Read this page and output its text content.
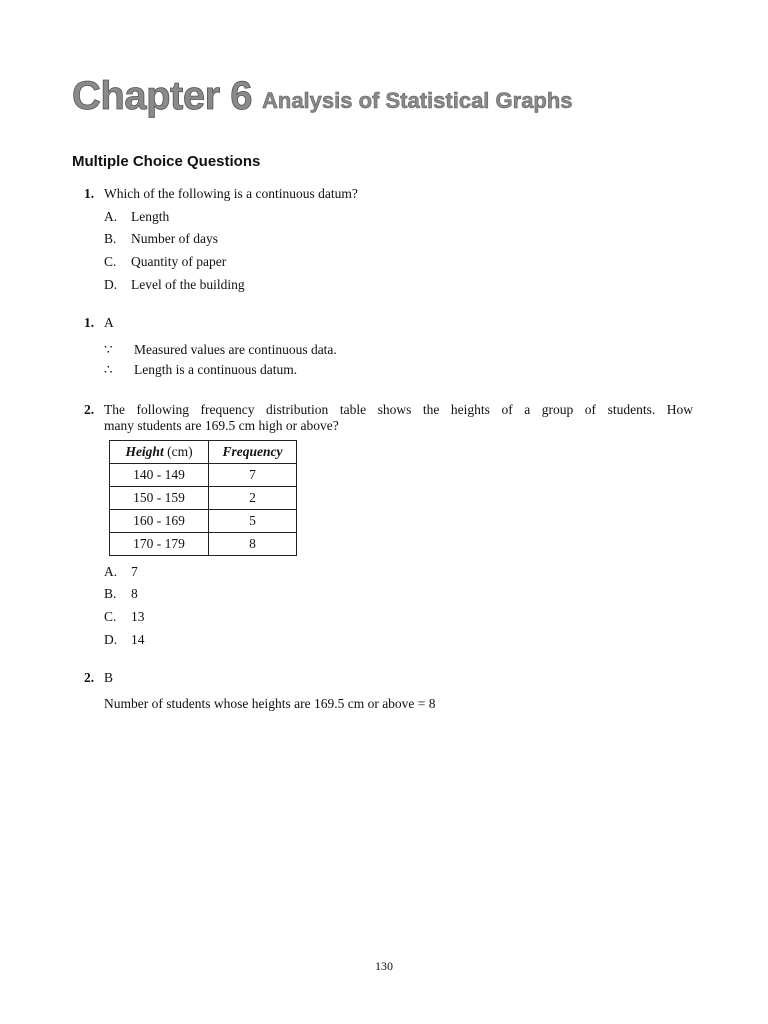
Chapter 6 Analysis of Statistical Graphs
Multiple Choice Questions
1. Which of the following is a continuous datum?
A. Length
B. Number of days
C. Quantity of paper
D. Level of the building
1. A
∵ Measured values are continuous data.
∴ Length is a continuous datum.
2. The following frequency distribution table shows the heights of a group of students. How
many students are 169.5 cm high or above?
Height (cm)	Frequency
140 - 149	7
150 - 159	2
160 - 169	5
170 - 179	8
A. 7
B. 8
C. 13
D. 14
2. B
Number of students whose heights are 169.5 cm or above = 8
130
